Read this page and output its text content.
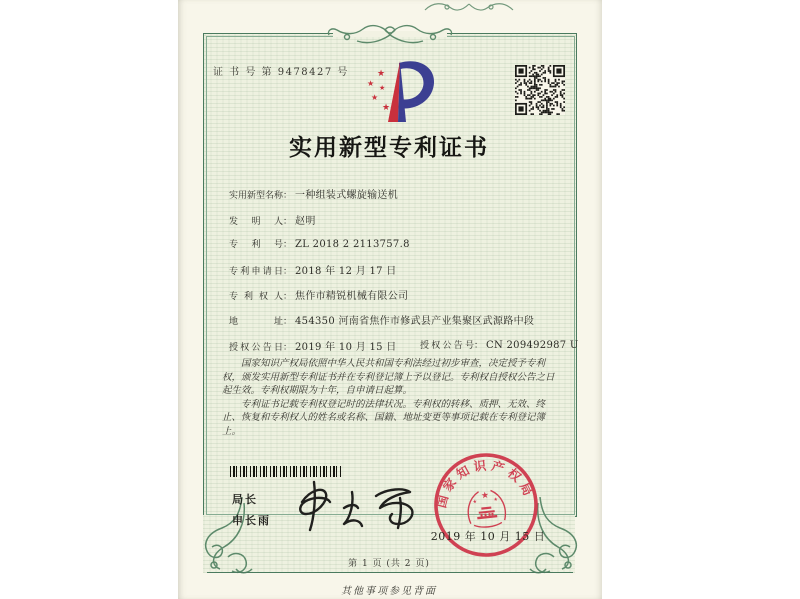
证 书 号 第 9478427 号	★
★ ★
★
★
实用新型专利证书
实用新型名称： 一种组装式螺旋输送机
发明人： 赵明
专利号： ZL 2018 2 2113757.8
专利申请日： 2018 年 12 月 17 日
专利权人： 焦作市精锐机械有限公司
地址： 454350 河南省焦作市修武县产业集聚区武源路中段
授权公告日： 2019 年 10 月 15 日	授权公告号： CN 209492987 U

国家知识产权局依照中华人民共和国专利法经过初步审查，决定授予专利权，颁发实用新型专利证书并在专利登记簿上予以登记。专利权自授权公告之日起生效。专利权期限为十年，自申请日起算。

专利证书记载专利权登记时的法律状况。专利权的转移、质押、无效、终止、恢复和专利权人的姓名或名称、国籍、地址变更等事项记载在专利登记簿上。

局长
申长雨
国家知识产权局
★
★	★
2019 年 10 月 15 日
第 1 页 (共 2 页)
其他事项参见背面
